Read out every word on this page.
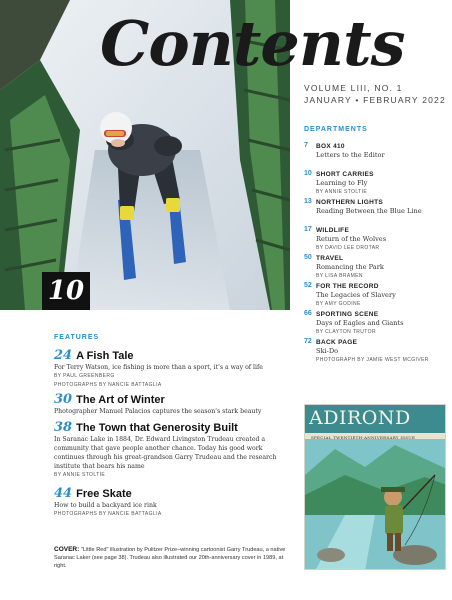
10
Contents
VOLUME LIII, NO. 1
JANUARY • FEBRUARY 2022
DEPARTMENTS
7 BOX 410
Letters to the Editor
10 SHORT CARRIES
Learning to Fly
BY ANNIE STOLTIE
13 NORTHERN LIGHTS
Reading Between the Blue Line
17 WILDLIFE
Return of the Wolves
BY DAVID LEE DROTAR
50 TRAVEL
Romancing the Park
BY LISA BRAMEN
52 FOR THE RECORD
The Legacies of Slavery
BY AMY GODINE
66 SPORTING SCENE
Days of Eagles and Giants
BY CLAYTON TRUTOR
72 BACK PAGE
Ski-Do
PHOTOGRAPH BY JAMIE WEST MCGIVER
FEATURES
24 A Fish Tale
For Terry Watson, ice fishing is more than a sport, it's a way of life
BY PAUL GREENBERG
PHOTOGRAPHS BY NANCIE BATTAGLIA
30 The Art of Winter
Photographer Manuel Palacios captures the season's stark beauty
38 The Town that Generosity Built
In Saranac Lake in 1884, Dr. Edward Livingston Trudeau created a community that gave people another chance. Today his good work continues through his great-grandson Garry Trudeau and the research institute that bears his name
BY ANNIE STOLTIE
44 Free Skate
How to build a backyard ice rink
PHOTOGRAPHS BY NANCIE BATTAGLIA
ADIROND
SPECIAL TWENTIETH-ANNIVERSARY ISSUE
COVER: "Little Red" illustration by Pulitzer Prize–winning cartoonist Garry Trudeau, a native Saranac Laker (see page 38). Trudeau also illustrated our 20th-anniversary cover in 1989, at right.
